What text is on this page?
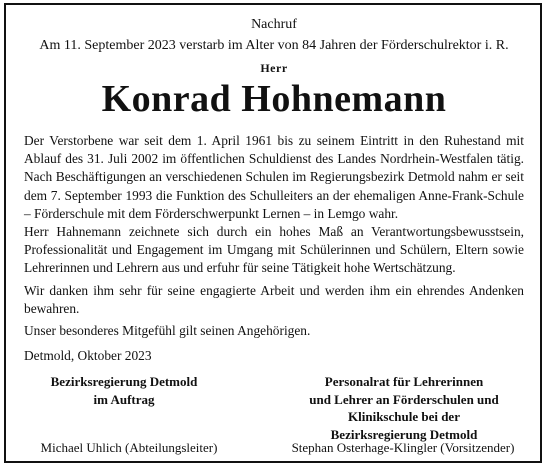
Nachruf
Am 11. September 2023 verstarb im Alter von 84 Jahren der Förderschulrektor i. R.
Herr
Konrad Hohnemann
Der Verstorbene war seit dem 1. April 1961 bis zu seinem Eintritt in den Ruhestand mit Ablauf des 31. Juli 2002 im öffentlichen Schuldienst des Landes Nordrhein-Westfalen tätig. Nach Beschäftigungen an verschiedenen Schulen im Regierungsbezirk Detmold nahm er seit dem 7. September 1993 die Funktion des Schulleiters an der ehemaligen Anne-Frank-Schule – Förderschule mit dem Förderschwerpunkt Lernen – in Lemgo wahr.
Herr Hahnemann zeichnete sich durch ein hohes Maß an Verantwortungsbewusstsein, Professionalität und Engagement im Umgang mit Schülerinnen und Schülern, Eltern sowie Lehrerinnen und Lehrern aus und erfuhr für seine Tätigkeit hohe Wertschätzung.
Wir danken ihm sehr für seine engagierte Arbeit und werden ihm ein ehrendes Andenken bewahren.
Unser besonderes Mitgefühl gilt seinen Angehörigen.
Detmold, Oktober 2023
Bezirksregierung Detmold
im Auftrag
Personalrat für Lehrerinnen
und Lehrer an Förderschulen und
Klinikschule bei der
Bezirksregierung Detmold
Michael Uhlich (Abteilungsleiter)	Stephan Osterhage-Klingler (Vorsitzender)
